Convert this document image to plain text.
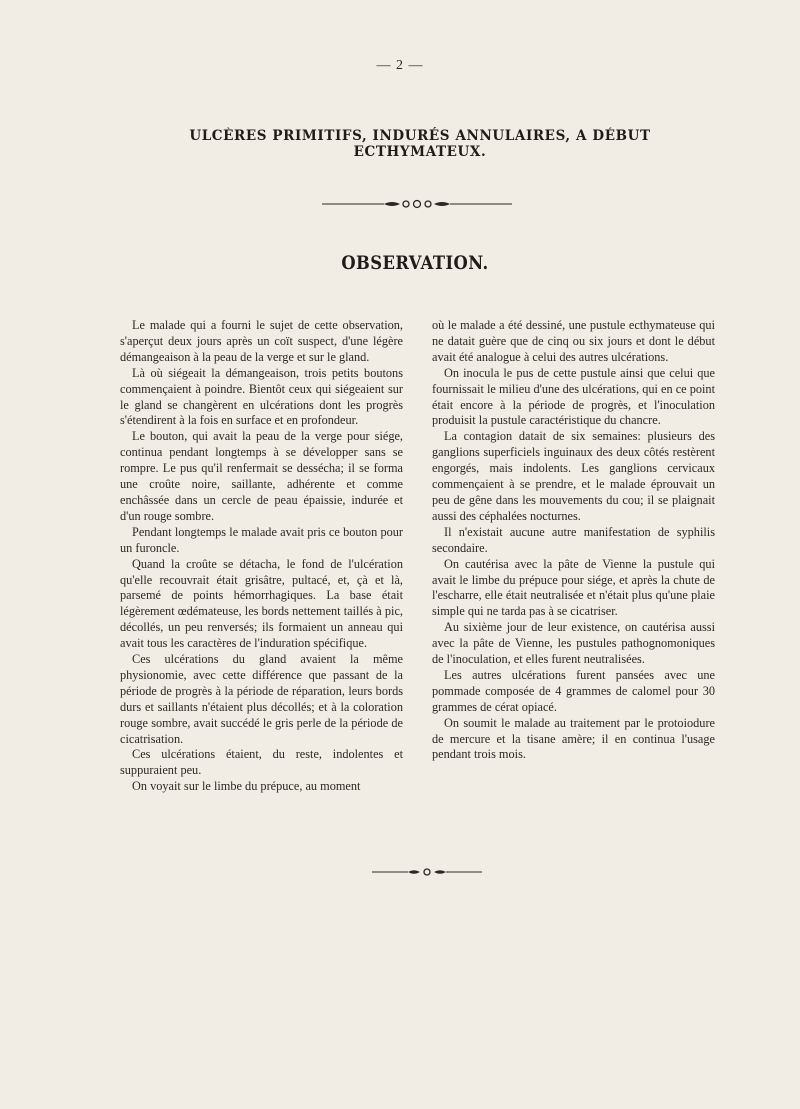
— 2 —
ULCÈRES PRIMITIFS, INDURÉS ANNULAIRES, A DÉBUT
ECTHYMATEUX.
OBSERVATION.

Le malade qui a fourni le sujet de cette observation, s'aperçut deux jours après un coït suspect, d'une légère démangeaison à la peau de la verge et sur le gland.

Là où siégeait la démangeaison, trois petits boutons commençaient à poindre. Bientôt ceux qui siégeaient sur le gland se changèrent en ulcérations dont les progrès s'étendirent à la fois en surface et en profondeur.

Le bouton, qui avait la peau de la verge pour siége, continua pendant longtemps à se développer sans se rompre. Le pus qu'il renfermait se dessécha; il se forma une croûte noire, saillante, adhérente et comme enchâssée dans un cercle de peau épaissie, indurée et d'un rouge sombre.

Pendant longtemps le malade avait pris ce bouton pour un furoncle.

Quand la croûte se détacha, le fond de l'ulcération qu'elle recouvrait était grisâtre, pultacé, et, çà et là, parsemé de points hémorrhagiques. La base était légèrement œdémateuse, les bords nettement taillés à pic, décollés, un peu renversés; ils formaient un anneau qui avait tous les caractères de l'induration spécifique.

Ces ulcérations du gland avaient la même physionomie, avec cette différence que passant de la période de progrès à la période de réparation, leurs bords durs et saillants n'étaient plus décollés; et à la coloration rouge sombre, avait succédé le gris perle de la période de cicatrisation.

Ces ulcérations étaient, du reste, indolentes et suppuraient peu.

On voyait sur le limbe du prépuce, au moment

où le malade a été dessiné, une pustule ecthymateuse qui ne datait guère que de cinq ou six jours et dont le début avait été analogue à celui des autres ulcérations.

On inocula le pus de cette pustule ainsi que celui que fournissait le milieu d'une des ulcérations, qui en ce point était encore à la période de progrès, et l'inoculation produisit la pustule caractéristique du chancre.

La contagion datait de six semaines: plusieurs des ganglions superficiels inguinaux des deux côtés restèrent engorgés, mais indolents. Les ganglions cervicaux commençaient à se prendre, et le malade éprouvait un peu de gêne dans les mouvements du cou; il se plaignait aussi des céphalées nocturnes.

Il n'existait aucune autre manifestation de syphilis secondaire.

On cautérisa avec la pâte de Vienne la pustule qui avait le limbe du prépuce pour siége, et après la chute de l'escharre, elle était neutralisée et n'était plus qu'une plaie simple qui ne tarda pas à se cicatriser.

Au sixième jour de leur existence, on cautérisa aussi avec la pâte de Vienne, les pustules pathognomoniques de l'inoculation, et elles furent neutralisées.

Les autres ulcérations furent pansées avec une pommade composée de 4 grammes de calomel pour 30 grammes de cérat opiacé.

On soumit le malade au traitement par le protoiodure de mercure et la tisane amère; il en continua l'usage pendant trois mois.
